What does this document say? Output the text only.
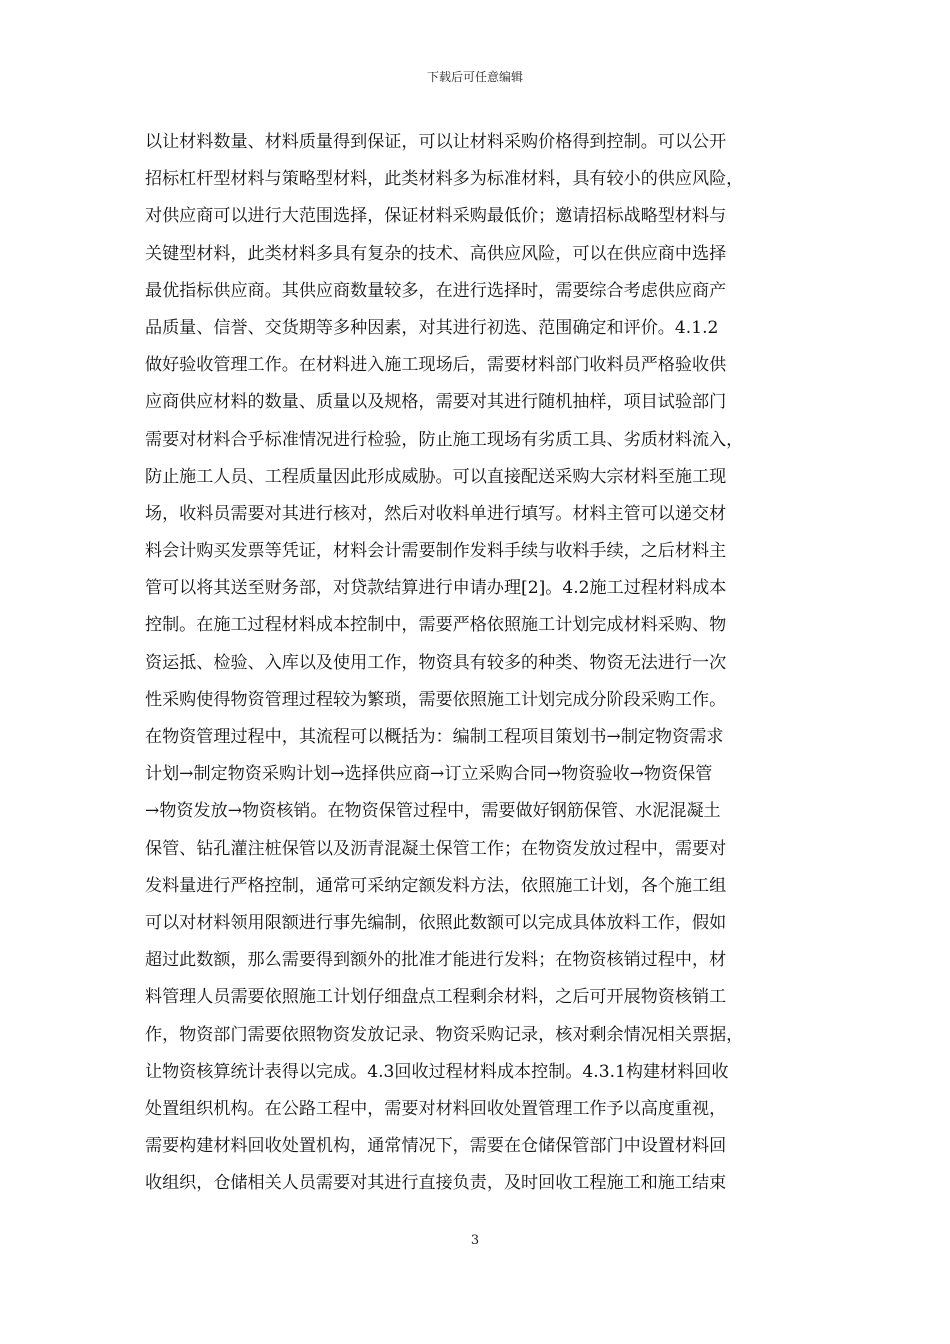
下载后可任意编辑
以让材料数量、材料质量得到保证，可以让材料采购价格得到控制。可以公开
招标杠杆型材料与策略型材料，此类材料多为标准材料，具有较小的供应风险，
对供应商可以进行大范围选择，保证材料采购最低价；邀请招标战略型材料与
关键型材料，此类材料多具有复杂的技术、高供应风险，可以在供应商中选择
最优指标供应商。其供应商数量较多，在进行选择时，需要综合考虑供应商产
品质量、信誉、交货期等多种因素，对其进行初选、范围确定和评价。4.1.2
做好验收管理工作。在材料进入施工现场后，需要材料部门收料员严格验收供
应商供应材料的数量、质量以及规格，需要对其进行随机抽样，项目试验部门
需要对材料合乎标准情况进行检验，防止施工现场有劣质工具、劣质材料流入，
防止施工人员、工程质量因此形成威胁。可以直接配送采购大宗材料至施工现
场，收料员需要对其进行核对，然后对收料单进行填写。材料主管可以递交材
料会计购买发票等凭证，材料会计需要制作发料手续与收料手续，之后材料主
管可以将其送至财务部，对贷款结算进行申请办理[2]。4.2施工过程材料成本
控制。在施工过程材料成本控制中，需要严格依照施工计划完成材料采购、物
资运抵、检验、入库以及使用工作，物资具有较多的种类、物资无法进行一次
性采购使得物资管理过程较为繁琐，需要依照施工计划完成分阶段采购工作。
在物资管理过程中，其流程可以概括为：编制工程项目策划书→制定物资需求
计划→制定物资采购计划→选择供应商→订立采购合同→物资验收→物资保管
→物资发放→物资核销。在物资保管过程中，需要做好钢筋保管、水泥混凝土
保管、钻孔灌注桩保管以及沥青混凝土保管工作；在物资发放过程中，需要对
发料量进行严格控制，通常可采纳定额发料方法，依照施工计划，各个施工组
可以对材料领用限额进行事先编制，依照此数额可以完成具体放料工作，假如
超过此数额，那么需要得到额外的批准才能进行发料；在物资核销过程中，材
料管理人员需要依照施工计划仔细盘点工程剩余材料，之后可开展物资核销工
作，物资部门需要依照物资发放记录、物资采购记录，核对剩余情况相关票据，
让物资核算统计表得以完成。4.3回收过程材料成本控制。4.3.1构建材料回收
处置组织机构。在公路工程中，需要对材料回收处置管理工作予以高度重视，
需要构建材料回收处置机构，通常情况下，需要在仓储保管部门中设置材料回
收组织，仓储相关人员需要对其进行直接负责，及时回收工程施工和施工结束
3
